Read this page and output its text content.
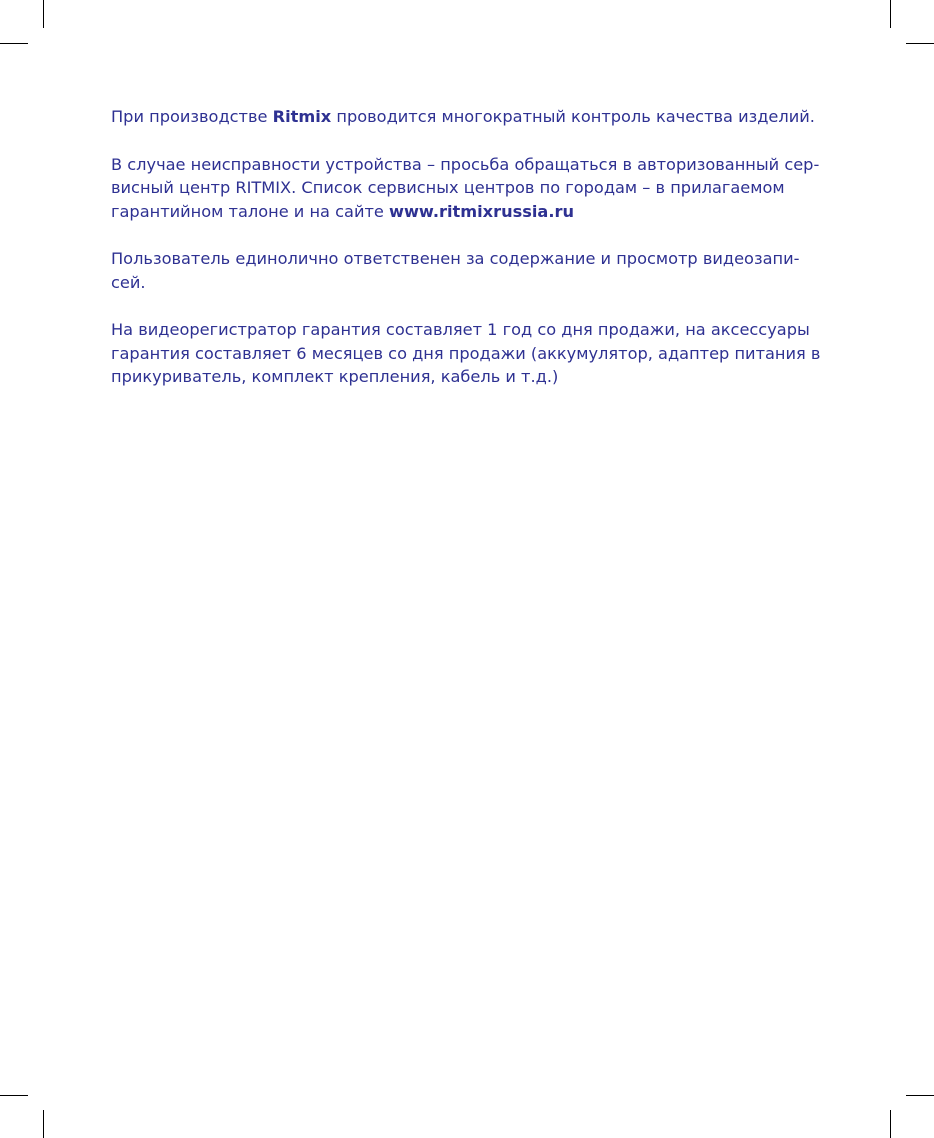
При производстве Ritmix проводится многократный контроль качества изделий.

В случае неисправности устройства – просьба обращаться в авторизованный сер-
висный центр RITMIX. Список сервисных центров по городам – в прилагаемом
гарантийном талоне и на сайте www.ritmixrussia.ru

Пользователь единолично ответственен за содержание и просмотр видеозапи-
сей.

На видеорегистратор гарантия составляет 1 год со дня продажи, на аксессуары
гарантия составляет 6 месяцев со дня продажи (аккумулятор, адаптер питания в
прикуриватель, комплект крепления, кабель и т.д.)
